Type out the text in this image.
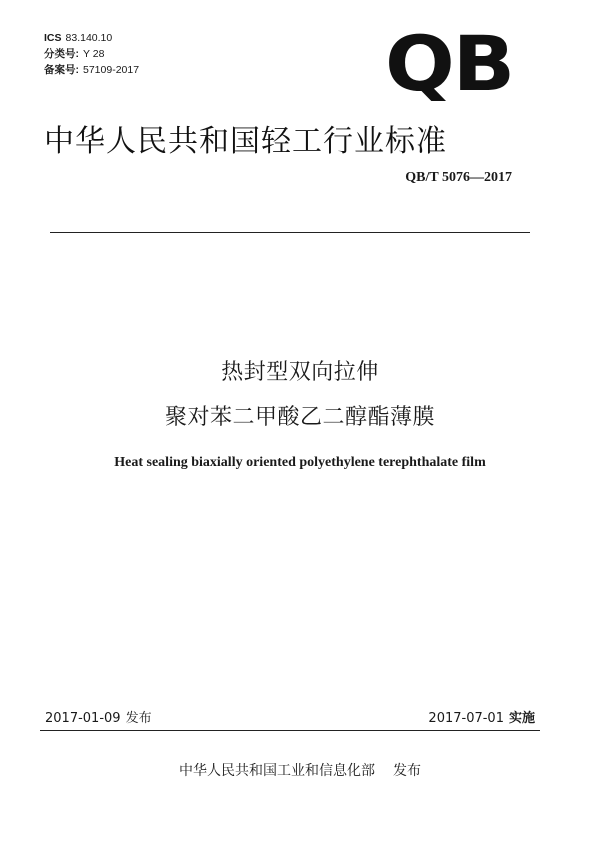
ICS 83.140.10
分类号: Y 28
备案号: 57109-2017	QB
中华人民共和国轻工行业标准
QB/T 5076—2017
热封型双向拉伸
聚对苯二甲酸乙二醇酯薄膜
Heat sealing biaxially oriented polyethylene terephthalate film
2017-01-09 发布	2017-07-01 实施
中华人民共和国工业和信息化部 发布
